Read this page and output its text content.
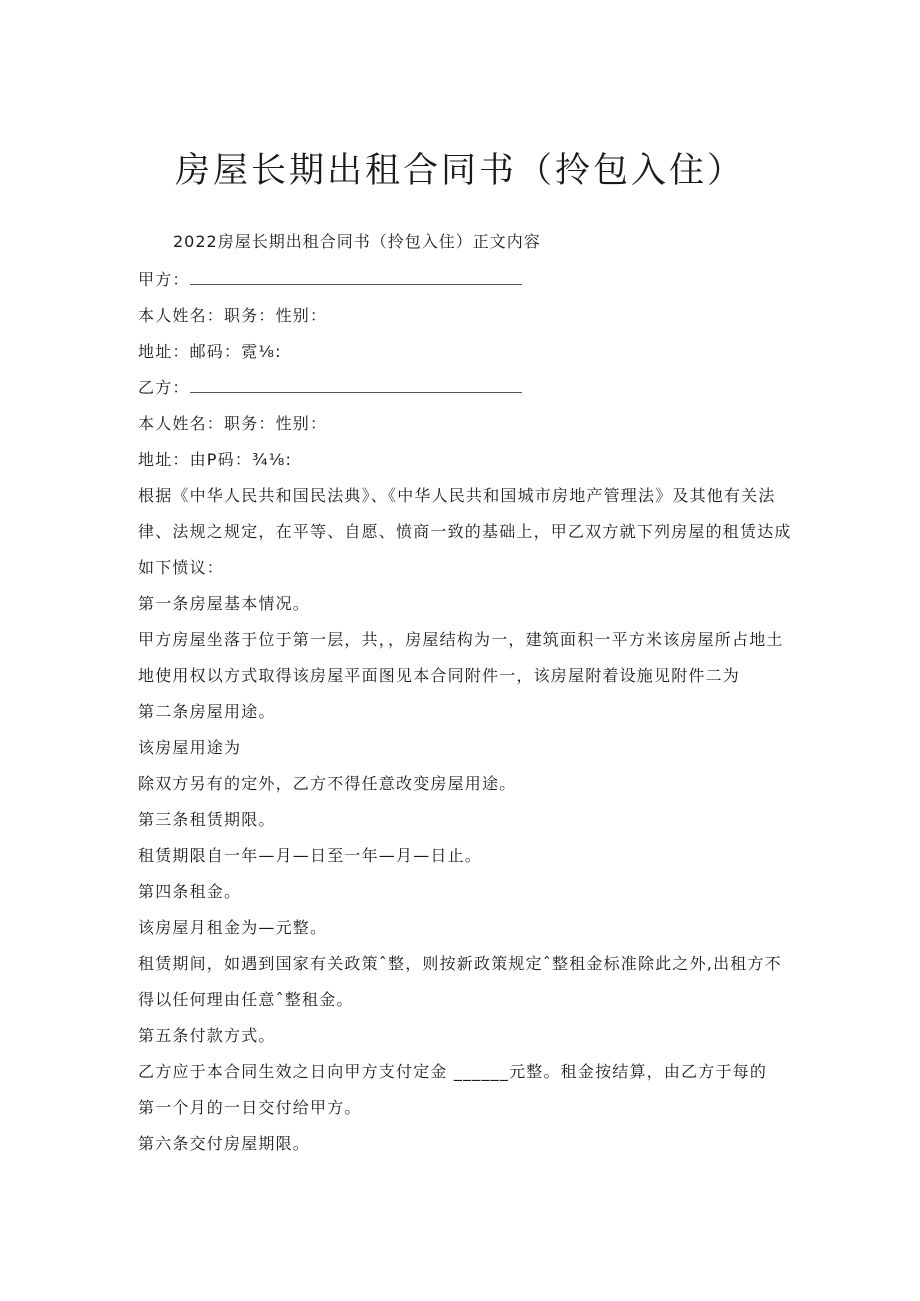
房屋长期出租合同书（拎包入住）
2022房屋长期出租合同书（拎包入住）正文内容
甲方：
本人姓名：职务：性别：
地址：邮码：霓⅛:
乙方：
本人姓名：职务：性别：
地址：由P码：¾⅛:
根据《中华人民共和国民法典》、《中华人民共和国城市房地产管理法》及其他有关法
律、法规之规定，在平等、自愿、愤商一致的基础上，甲乙双方就下列房屋的租赁达成
如下愤议：
第一条房屋基本情况。
甲方房屋坐落于位于第一层，共，，房屋结构为一，建筑面积一平方米该房屋所占地土
地使用权以方式取得该房屋平面图见本合同附件一，该房屋附着设施见附件二为
第二条房屋用途。
该房屋用途为
除双方另有的定外，乙方不得任意改变房屋用途。
第三条租赁期限。
租赁期限自一年—月—日至一年—月—日止。
第四条租金。
该房屋月租金为—元整。
租赁期间，如遇到国家有关政策ˆ整，则按新政策规定ˆ整租金标准除此之外,出租方不
得以任何理由任意ˆ整租金。
第五条付款方式。
乙方应于本合同生效之日向甲方支付定金 ______元整。租金按结算，由乙方于每的
第一个月的一日交付给甲方。
第六条交付房屋期限。
